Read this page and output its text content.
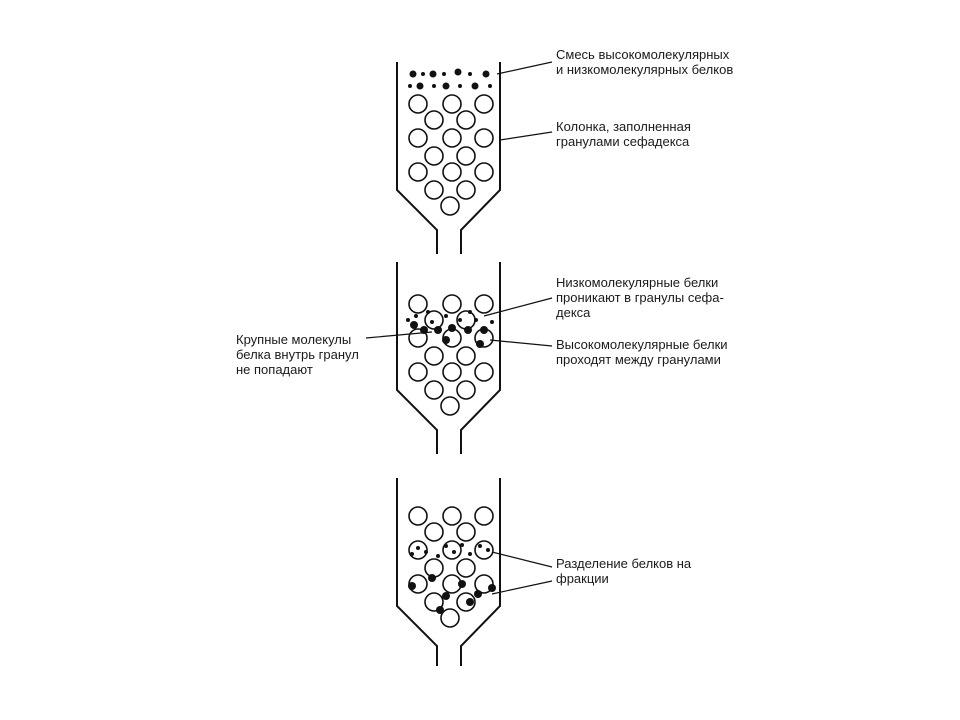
Смесь высокомолекулярных и низкомолекулярных белков
Колонка, заполненная гранулами сефадекса
Низкомолекулярные белки проникают в гранулы сефа- декса
Высокомолекулярные белки проходят между гранулами
Крупные молекулы белка внутрь гранул не попадают
Разделение белков на фракции
